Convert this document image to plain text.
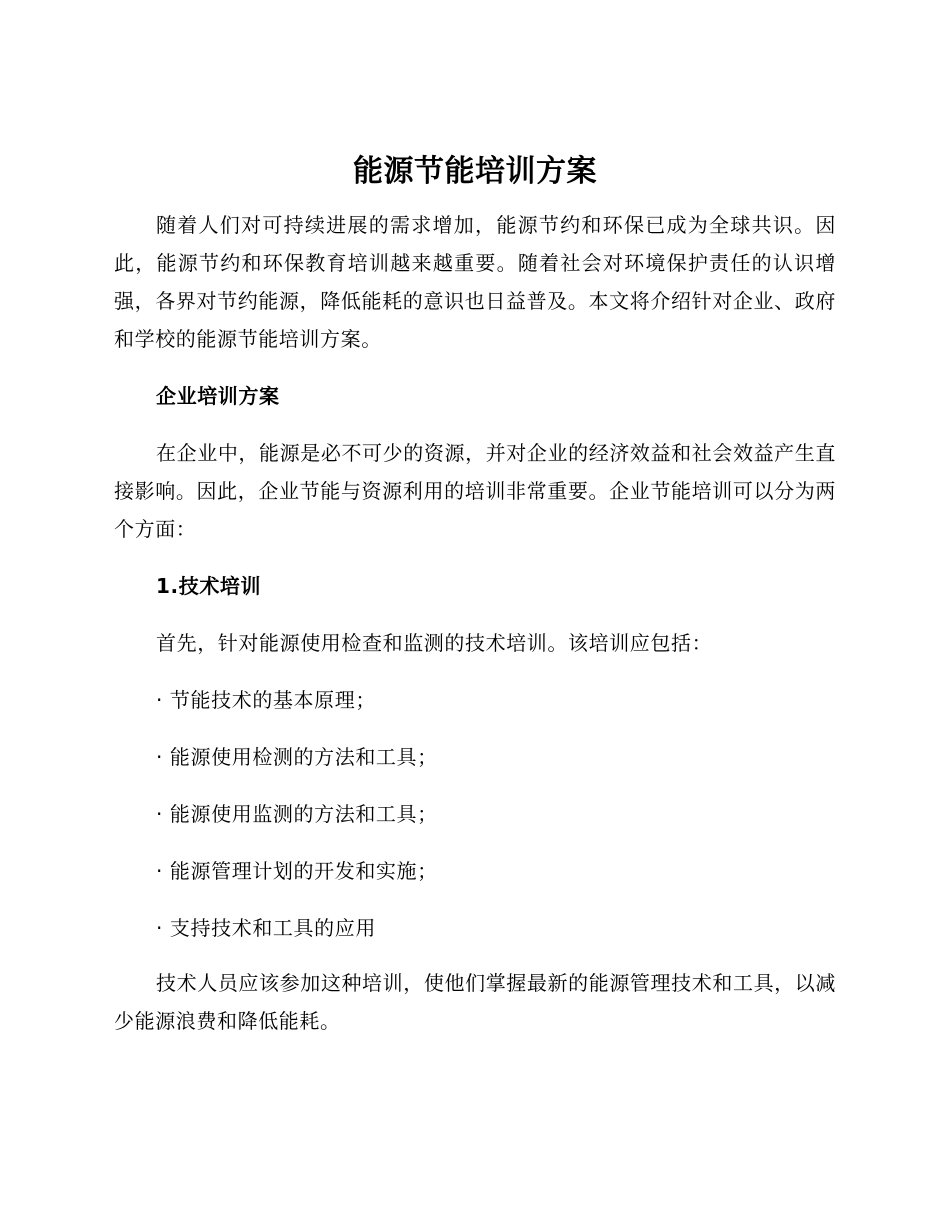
能源节能培训方案

随着人们对可持续进展的需求增加，能源节约和环保已成为全球共识。因此，能源节约和环保教育培训越来越重要。随着社会对环境保护责任的认识增强，各界对节约能源，降低能耗的意识也日益普及。本文将介绍针对企业、政府和学校的能源节能培训方案。

企业培训方案

在企业中，能源是必不可少的资源，并对企业的经济效益和社会效益产生直接影响。因此，企业节能与资源利用的培训非常重要。企业节能培训可以分为两个方面：

1.技术培训

首先，针对能源使用检查和监测的技术培训。该培训应包括：

· 节能技术的基本原理；

· 能源使用检测的方法和工具；

· 能源使用监测的方法和工具；

· 能源管理计划的开发和实施；

· 支持技术和工具的应用

技术人员应该参加这种培训，使他们掌握最新的能源管理技术和工具，以减少能源浪费和降低能耗。
